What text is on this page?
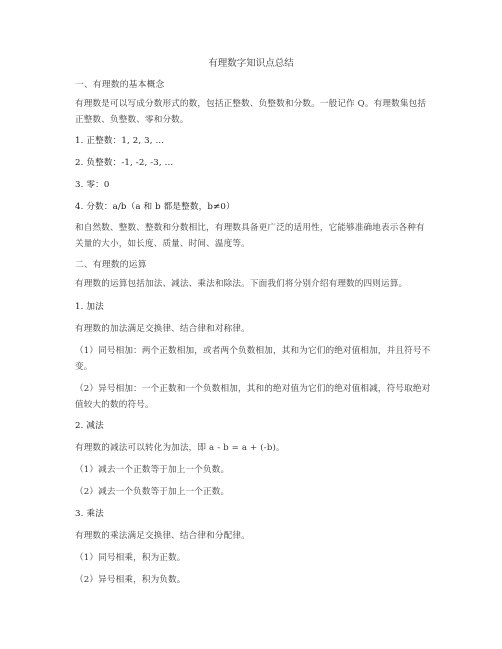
有理数字知识点总结
一、有理数的基本概念
有理数是可以写成分数形式的数，包括正整数、负整数和分数。一般记作 Q。有理数集包括正整数、负整数、零和分数。
1. 正整数：1, 2, 3, ...
2. 负整数：-1, -2, -3, ...
3. 零：0
4. 分数：a/b（a 和 b 都是整数，b≠0）
和自然数、整数、整数和分数相比，有理数具备更广泛的适用性，它能够准确地表示各种有关量的大小，如长度、质量、时间、温度等。
二、有理数的运算
有理数的运算包括加法、减法、乘法和除法。下面我们将分别介绍有理数的四则运算。
1. 加法
有理数的加法满足交换律、结合律和对称律。
（1）同号相加：两个正数相加，或者两个负数相加，其和为它们的绝对值相加，并且符号不变。
（2）异号相加：一个正数和一个负数相加，其和的绝对值为它们的绝对值相减，符号取绝对值较大的数的符号。
2. 减法
有理数的减法可以转化为加法，即 a - b = a + (-b)。
（1）减去一个正数等于加上一个负数。
（2）减去一个负数等于加上一个正数。
3. 乘法
有理数的乘法满足交换律、结合律和分配律。
（1）同号相乘，积为正数。
（2）异号相乘，积为负数。
